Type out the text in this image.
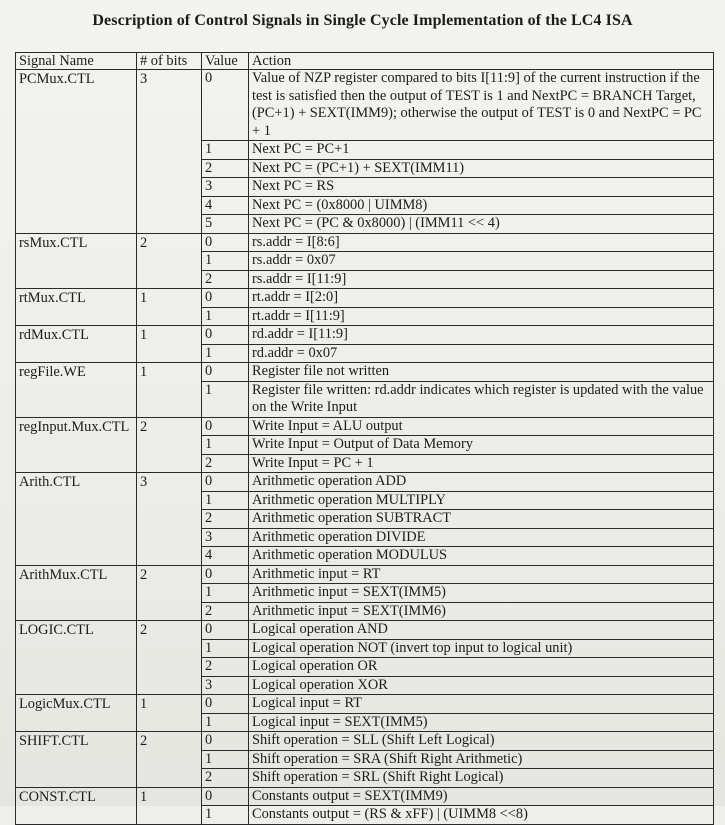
Description of Control Signals in Single Cycle Implementation of the LC4 ISA
Signal Name	# of bits	Value	Action
PCMux.CTL	3	0	Value of NZP register compared to bits I[11:9] of the current instruction if the test is satisfied then the output of TEST is 1 and NextPC = BRANCH Target, (PC+1) + SEXT(IMM9); otherwise the output of TEST is 0 and NextPC = PC + 1
		1	Next PC = PC+1
		2	Next PC = (PC+1) + SEXT(IMM11)
		3	Next PC = RS
		4	Next PC = (0x8000 | UIMM8)
		5	Next PC = (PC & 0x8000) | (IMM11 << 4)
rsMux.CTL	2	0	rs.addr = I[8:6]
		1	rs.addr = 0x07
		2	rs.addr = I[11:9]
rtMux.CTL	1	0	rt.addr = I[2:0]
		1	rt.addr = I[11:9]
rdMux.CTL	1	0	rd.addr = I[11:9]
		1	rd.addr = 0x07
regFile.WE	1	0	Register file not written
		1	Register file written: rd.addr indicates which register is updated with the value on the Write Input
regInput.Mux.CTL	2	0	Write Input = ALU output
		1	Write Input = Output of Data Memory
		2	Write Input = PC + 1
Arith.CTL	3	0	Arithmetic operation ADD
		1	Arithmetic operation MULTIPLY
		2	Arithmetic operation SUBTRACT
		3	Arithmetic operation DIVIDE
		4	Arithmetic operation MODULUS
ArithMux.CTL	2	0	Arithmetic input = RT
		1	Arithmetic input = SEXT(IMM5)
		2	Arithmetic input = SEXT(IMM6)
LOGIC.CTL	2	0	Logical operation AND
		1	Logical operation NOT (invert top input to logical unit)
		2	Logical operation OR
		3	Logical operation XOR
LogicMux.CTL	1	0	Logical input = RT
		1	Logical input = SEXT(IMM5)
SHIFT.CTL	2	0	Shift operation = SLL (Shift Left Logical)
		1	Shift operation = SRA (Shift Right Arithmetic)
		2	Shift operation = SRL (Shift Right Logical)
CONST.CTL	1	0	Constants output = SEXT(IMM9)
		1	Constants output = (RS & xFF) | (UIMM8 <<8)
